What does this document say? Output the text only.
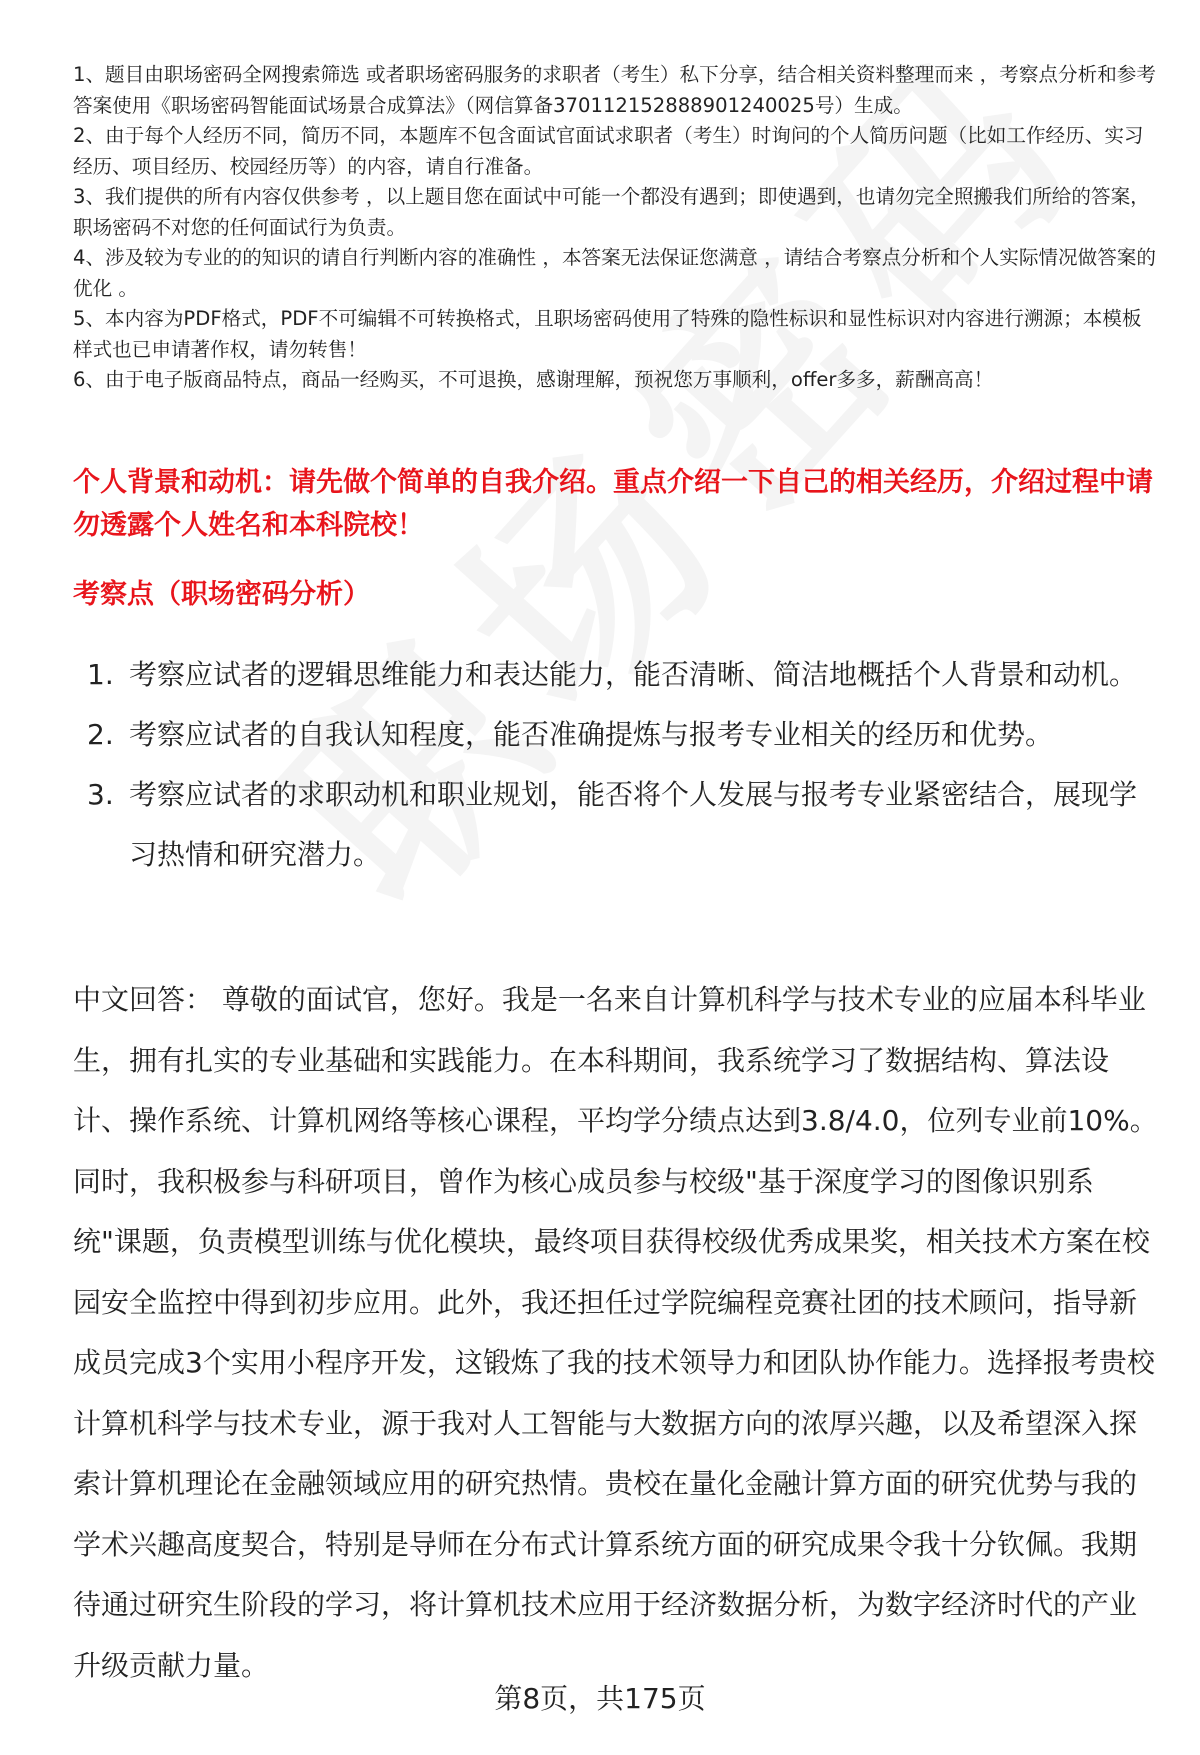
1、题目由职场密码全网搜索筛选 或者职场密码服务的求职者（考生）私下分享，结合相关资料整理而来 ，考察点分析和参考答案使用《职场密码智能面试场景合成算法》（网信算备370112152888901240025号）生成。

2、由于每个人经历不同，简历不同，本题库不包含面试官面试求职者（考生）时询问的个人简历问题（比如工作经历、实习经历、项目经历、校园经历等）的内容，请自行准备。

3、我们提供的所有内容仅供参考 ，以上题目您在面试中可能一个都没有遇到；即使遇到，也请勿完全照搬我们所给的答案，职场密码不对您的任何面试行为负责。

4、涉及较为专业的的知识的请自行判断内容的准确性 ，本答案无法保证您满意 ，请结合考察点分析和个人实际情况做答案的优化 。

5、本内容为PDF格式，PDF不可编辑不可转换格式，且职场密码使用了特殊的隐性标识和显性标识对内容进行溯源；本模板样式也已申请著作权，请勿转售！

6、由于电子版商品特点，商品一经购买，不可退换，感谢理解，预祝您万事顺利，offer多多，薪酬高高！

个人背景和动机：请先做个简单的自我介绍。重点介绍一下自己的相关经历，介绍过程中请勿透露个人姓名和本科院校！

考察点（职场密码分析）

1. 考察应试者的逻辑思维能力和表达能力，能否清晰、简洁地概括个人背景和动机。
2. 考察应试者的自我认知程度，能否准确提炼与报考专业相关的经历和优势。
3. 考察应试者的求职动机和职业规划，能否将个人发展与报考专业紧密结合，展现学习热情和研究潜力。

中文回答： 尊敬的面试官，您好。我是一名来自计算机科学与技术专业的应届本科毕业生，拥有扎实的专业基础和实践能力。在本科期间，我系统学习了数据结构、算法设计、操作系统、计算机网络等核心课程，平均学分绩点达到3.8/4.0，位列专业前10%。同时，我积极参与科研项目，曾作为核心成员参与校级"基于深度学习的图像识别系统"课题，负责模型训练与优化模块，最终项目获得校级优秀成果奖，相关技术方案在校园安全监控中得到初步应用。此外，我还担任过学院编程竞赛社团的技术顾问，指导新成员完成3个实用小程序开发，这锻炼了我的技术领导力和团队协作能力。选择报考贵校计算机科学与技术专业，源于我对人工智能与大数据方向的浓厚兴趣，以及希望深入探索计算机理论在金融领域应用的研究热情。贵校在量化金融计算方面的研究优势与我的学术兴趣高度契合，特别是导师在分布式计算系统方面的研究成果令我十分钦佩。我期待通过研究生阶段的学习，将计算机技术应用于经济数据分析，为数字经济时代的产业升级贡献力量。

第8页，共175页
